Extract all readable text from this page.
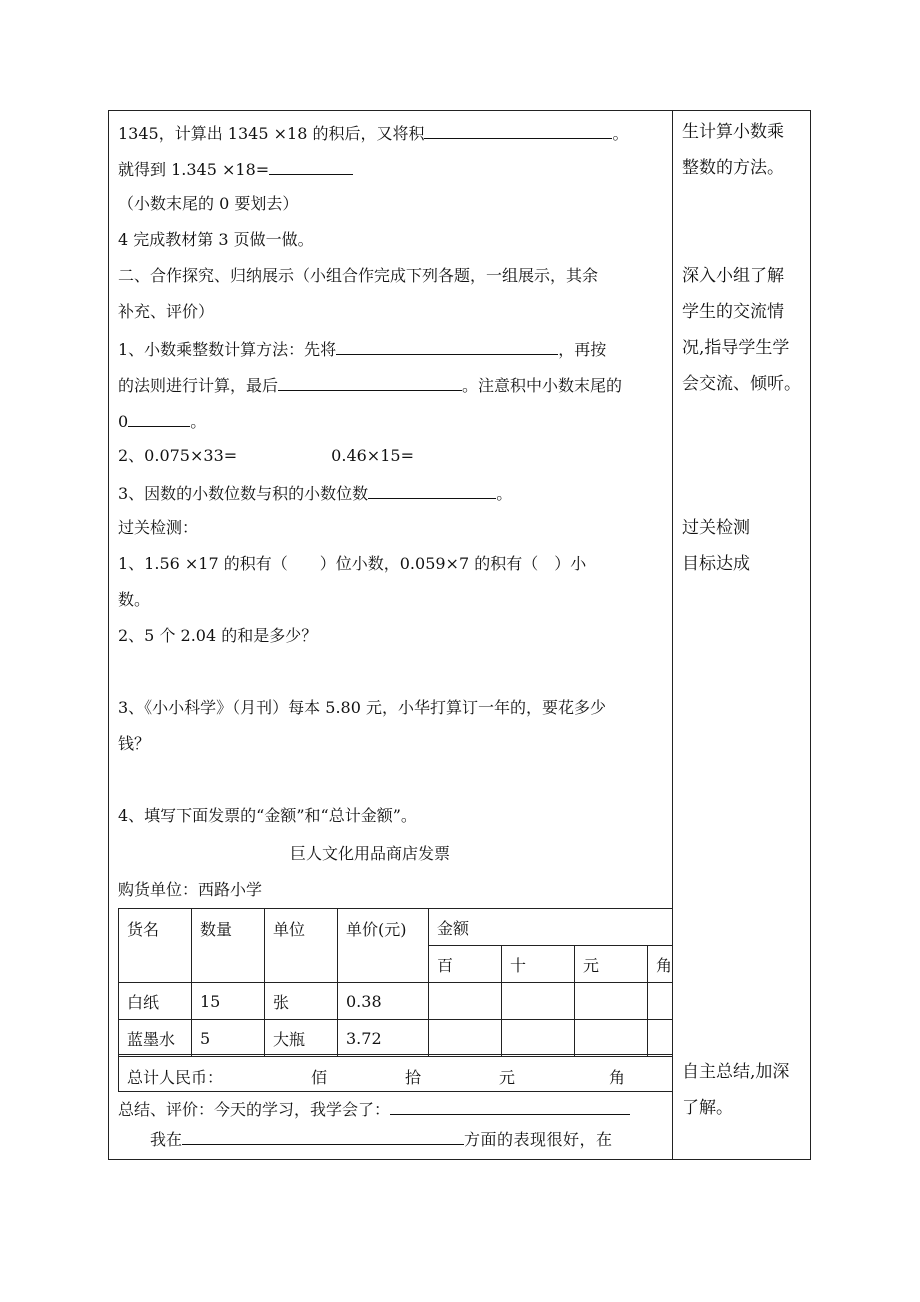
1345，计算出 1345 ×18 的积后，又将积	。
就得到 1.345 ×18=
（小数末尾的 0 要划去）
4 完成教材第 3 页做一做。
二、合作探究、归纳展示（小组合作完成下列各题，一组展示，其余
补充、评价）
1、小数乘整数计算方法：先将	，再按
的法则进行计算，最后	。注意积中小数末尾的
0	。
2、0.075×33=	0.46×15=
3、因数的小数位数与积的小数位数	。
过关检测：
1、1.56 ×17 的积有（　　）位小数，0.059×7 的积有（　）小
数。
2、5 个 2.04 的和是多少？
3、《小小科学》（月刊）每本 5.80 元，小华打算订一年的，要花多少
钱？
4、填写下面发票的“金额”和“总计金额”。
巨人文化用品商店发票
购货单位：西路小学
货名	数量	单位	单价(元)	金额			
				百	十	元	角
白纸	15	张	0.38				
蓝墨水	5	大瓶	3.72				
总计人民币：	佰	拾	元	角
总结、评价：今天的学习，我学会了：
我在	方面的表现很好，在
生计算小数乘
整数的方法。
深入小组了解
学生的交流情
况,指导学生学
会交流、倾听。
过关检测
目标达成
自主总结,加深
了解。
